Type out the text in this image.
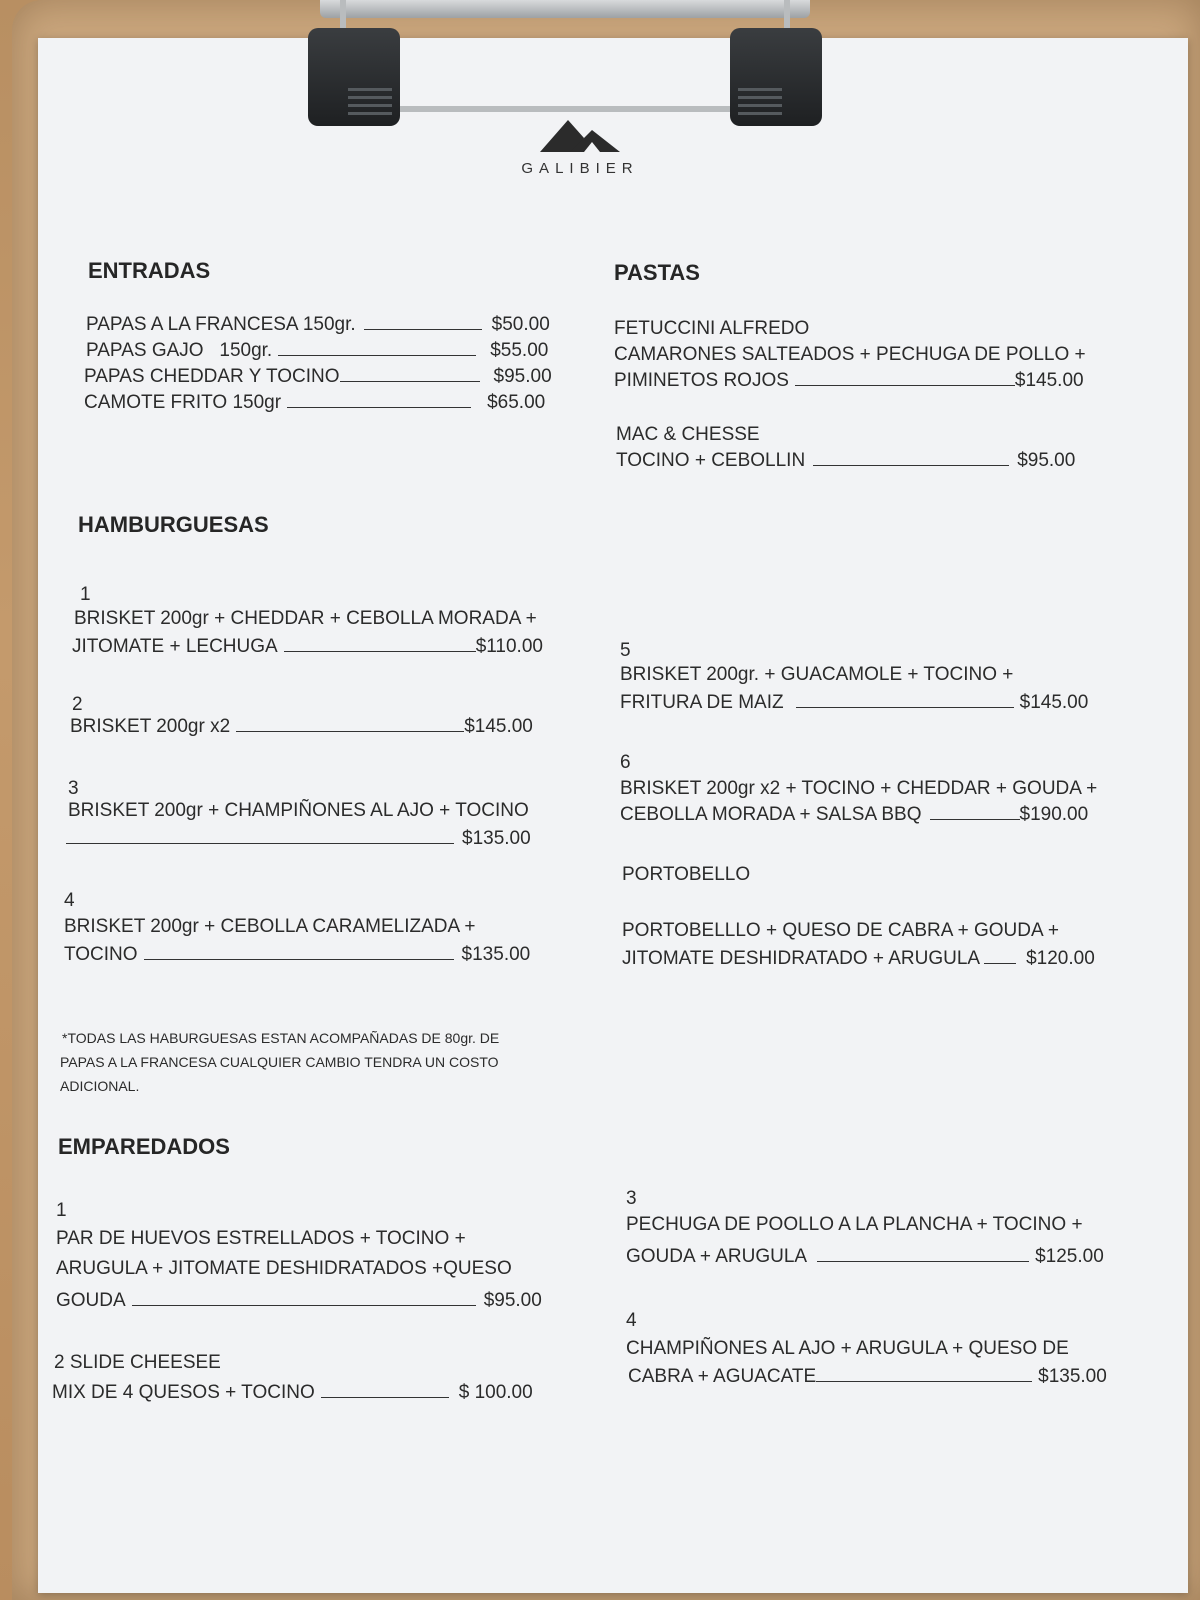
GALIBIER
ENTRADAS
PAPAS A LA FRANCESA 150gr.	$50.00
PAPAS GAJO   150gr.	$55.00
PAPAS CHEDDAR Y TOCINO	$95.00
CAMOTE FRITO 150gr	$65.00
PASTAS
FETUCCINI ALFREDO
CAMARONES SALTEADOS + PECHUGA DE POLLO +
PIMINETOS ROJOS	$145.00
MAC & CHESSE
TOCINO + CEBOLLIN	$95.00
HAMBURGUESAS
1
BRISKET 200gr + CHEDDAR + CEBOLLA MORADA +
JITOMATE + LECHUGA	$110.00
2
BRISKET 200gr x2	$145.00
3
BRISKET 200gr + CHAMPIÑONES AL AJO + TOCINO
$135.00
4
BRISKET 200gr + CEBOLLA CARAMELIZADA +
TOCINO	$135.00
5
BRISKET 200gr. + GUACAMOLE + TOCINO +
FRITURA DE MAIZ	$145.00
6
BRISKET 200gr x2 + TOCINO + CHEDDAR + GOUDA +
CEBOLLA MORADA + SALSA BBQ	$190.00
PORTOBELLO
PORTOBELLLO + QUESO DE CABRA + GOUDA +
JITOMATE DESHIDRATADO + ARUGULA $120.00
*TODAS LAS HABURGUESAS ESTAN ACOMPAÑADAS DE 80gr. DE
PAPAS A LA FRANCESA CUALQUIER CAMBIO TENDRA UN COSTO
ADICIONAL.
EMPAREDADOS
1
PAR DE HUEVOS ESTRELLADOS + TOCINO +
ARUGULA + JITOMATE DESHIDRATADOS +QUESO
GOUDA	$95.00
2 SLIDE CHEESEE
MIX DE 4 QUESOS + TOCINO	$ 100.00
3
PECHUGA DE POOLLO A LA PLANCHA + TOCINO +
GOUDA + ARUGULA	$125.00
4
CHAMPIÑONES AL AJO + ARUGULA + QUESO DE
CABRA + AGUACATE	$135.00
